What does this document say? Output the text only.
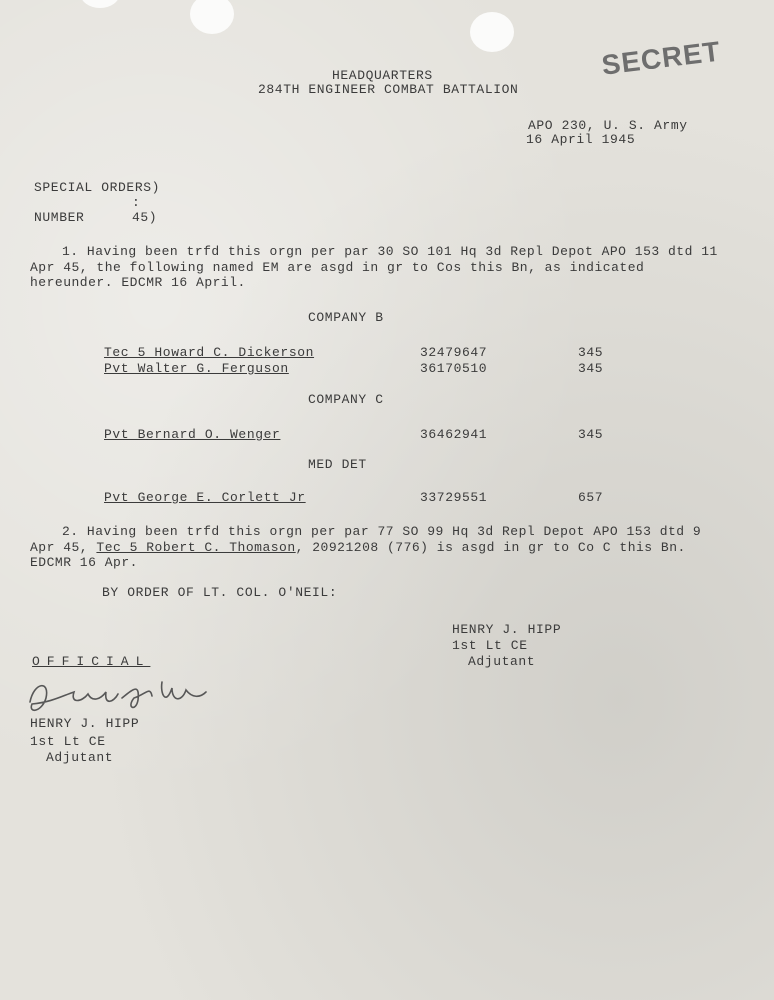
SECRET
HEADQUARTERS
284TH ENGINEER COMBAT BATTALION
APO 230, U. S. Army
16 April 1945
SPECIAL ORDERS)
:
NUMBER	45)
1. Having been trfd this orgn per par 30 SO 101 Hq 3d Repl Depot APO 153 dtd 11 Apr 45, the following named EM are asgd in gr to Cos this Bn, as indicated hereunder. EDCMR 16 April.
COMPANY B
Tec 5 Howard C. Dickerson	32479647	345
Pvt Walter G. Ferguson	36170510	345
COMPANY C
Pvt Bernard O. Wenger	36462941	345
MED DET
Pvt George E. Corlett Jr	33729551	657
2. Having been trfd this orgn per par 77 SO 99 Hq 3d Repl Depot APO 153 dtd 9 Apr 45, Tec 5 Robert C. Thomason, 20921208 (776) is asgd in gr to Co C this Bn. EDCMR 16 Apr.
BY ORDER OF LT. COL. O'NEIL:
HENRY J. HIPP
1st Lt CE
Adjutant
OFFICIAL
HENRY J. HIPP
1st Lt CE
Adjutant
